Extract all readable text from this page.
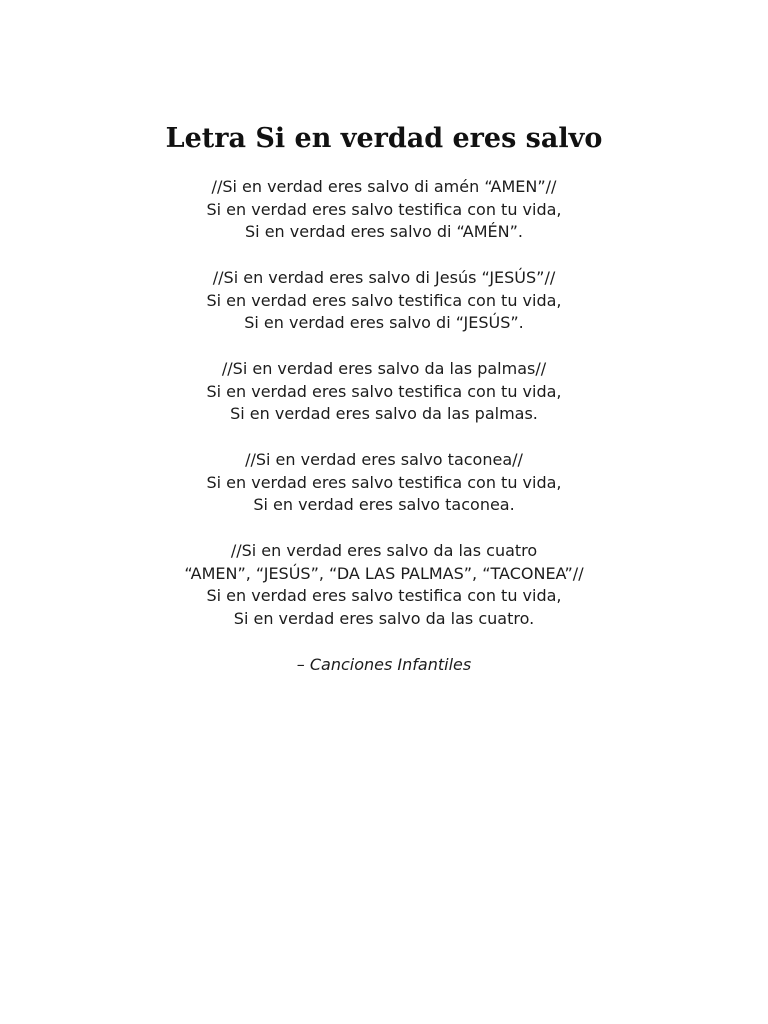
Letra Si en verdad eres salvo
//Si en verdad eres salvo di amén “AMEN”//
Si en verdad eres salvo testifica con tu vida,
Si en verdad eres salvo di “AMÉN”.
//Si en verdad eres salvo di Jesús “JESÚS”//
Si en verdad eres salvo testifica con tu vida,
Si en verdad eres salvo di “JESÚS”.
//Si en verdad eres salvo da las palmas//
Si en verdad eres salvo testifica con tu vida,
Si en verdad eres salvo da las palmas.
//Si en verdad eres salvo taconea//
Si en verdad eres salvo testifica con tu vida,
Si en verdad eres salvo taconea.
//Si en verdad eres salvo da las cuatro
“AMEN”, “JESÚS”, “DA LAS PALMAS”, “TACONEA”//
Si en verdad eres salvo testifica con tu vida,
Si en verdad eres salvo da las cuatro.
– Canciones Infantiles
